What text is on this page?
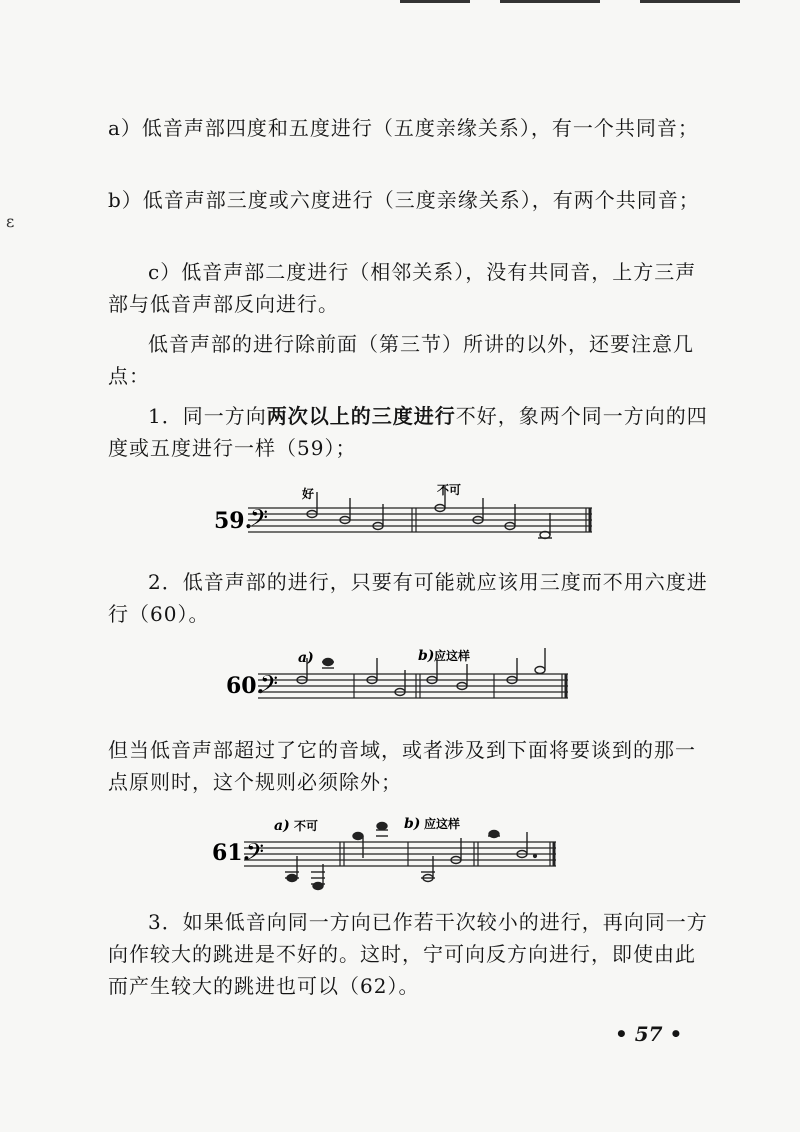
ε
a）低音声部四度和五度进行（五度亲缘关系），有一个共同音；
b）低音声部三度或六度进行（三度亲缘关系），有两个共同音；
c）低音声部二度进行（相邻关系），没有共同音，上方三声部与低音声部反向进行。
低音声部的进行除前面（第三节）所讲的以外，还要注意几点：
1．同一方向两次以上的三度进行不好，象两个同一方向的四度或五度进行一样（59）；
59.
好	不可
𝄢
60.
a)	b) 应这样
𝄢
61.
a) 不可	b) 应这样
𝄢
2．低音声部的进行，只要有可能就应该用三度而不用六度进行（60）。
但当低音声部超过了它的音域，或者涉及到下面将要谈到的那一点原则时，这个规则必须除外；
3．如果低音向同一方向已作若干次较小的进行，再向同一方向作较大的跳进是不好的。这时，宁可向反方向进行，即使由此而产生较大的跳进也可以（62）。
• 57 •
